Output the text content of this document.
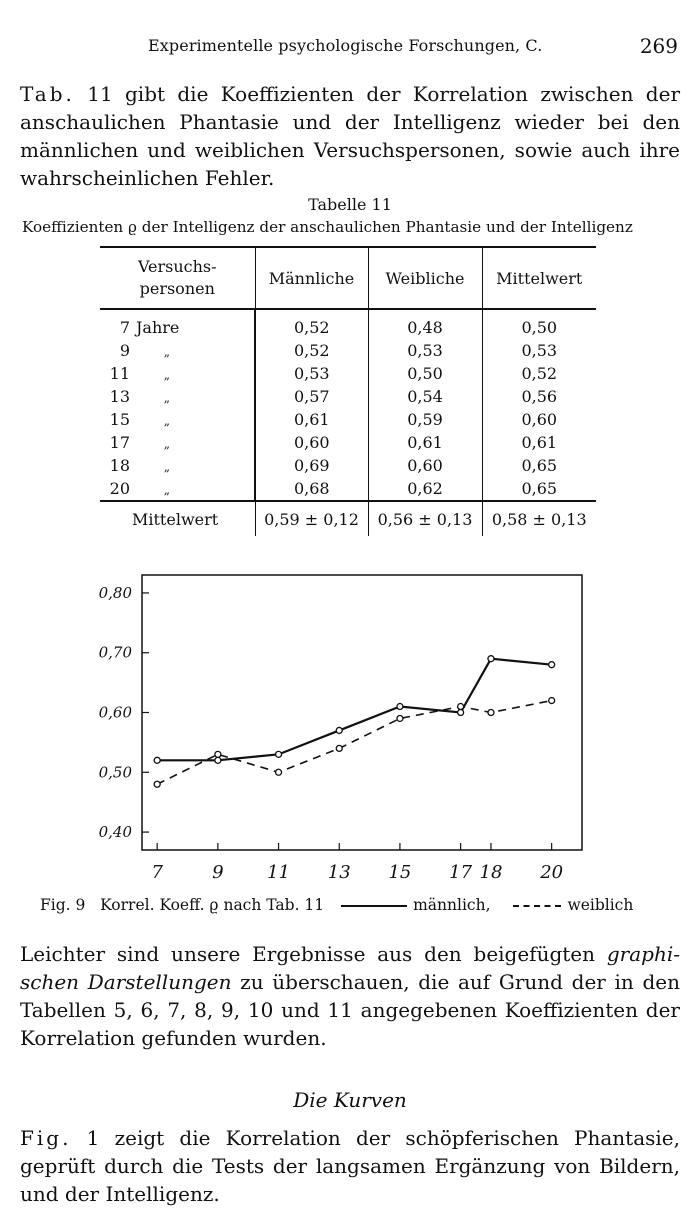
Experimentelle psychologische Forschungen, C.	269
Tab. 11 gibt die Koeffizienten der Korrelation zwischen der
anschaulichen Phantasie und der Intelligenz wieder bei den
männlichen und weiblichen Versuchspersonen, sowie auch ihre
wahrscheinlichen Fehler.
Tabelle 11
Koeffizienten ϱ der Intelligenz der anschaulichen Phantasie und der Intelligenz
Versuchs-
personen	Männliche	Weibliche	Mittelwert
7 Jahre	0,52	0,48	0,50
9 „	0,52	0,53	0,53
11 „	0,53	0,50	0,52
13 „	0,57	0,54	0,56
15 „	0,61	0,59	0,60
17 „	0,60	0,61	0,61
18 „	0,69	0,60	0,65
20 „	0,68	0,62	0,65
Mittelwert	0,59 ± 0,12	0,56 ± 0,13	0,58 ± 0,13
0,40
0,50
0,60
0,70
0,80
7	9 11 13 15 17 18 20
Fig. 9 Korrel. Koeff. ϱ nach Tab. 11	männlich,	weiblich
Leichter sind unsere Ergebnisse aus den beigefügten graphi-
schen Darstellungen zu überschauen, die auf Grund der in den
Tabellen 5, 6, 7, 8, 9, 10 und 11 angegebenen Koeffizienten der
Korrelation gefunden wurden.
Die Kurven
Fig. 1 zeigt die Korrelation der schöpferischen Phantasie,
geprüft durch die Tests der langsamen Ergänzung von Bildern,
und der Intelligenz.
